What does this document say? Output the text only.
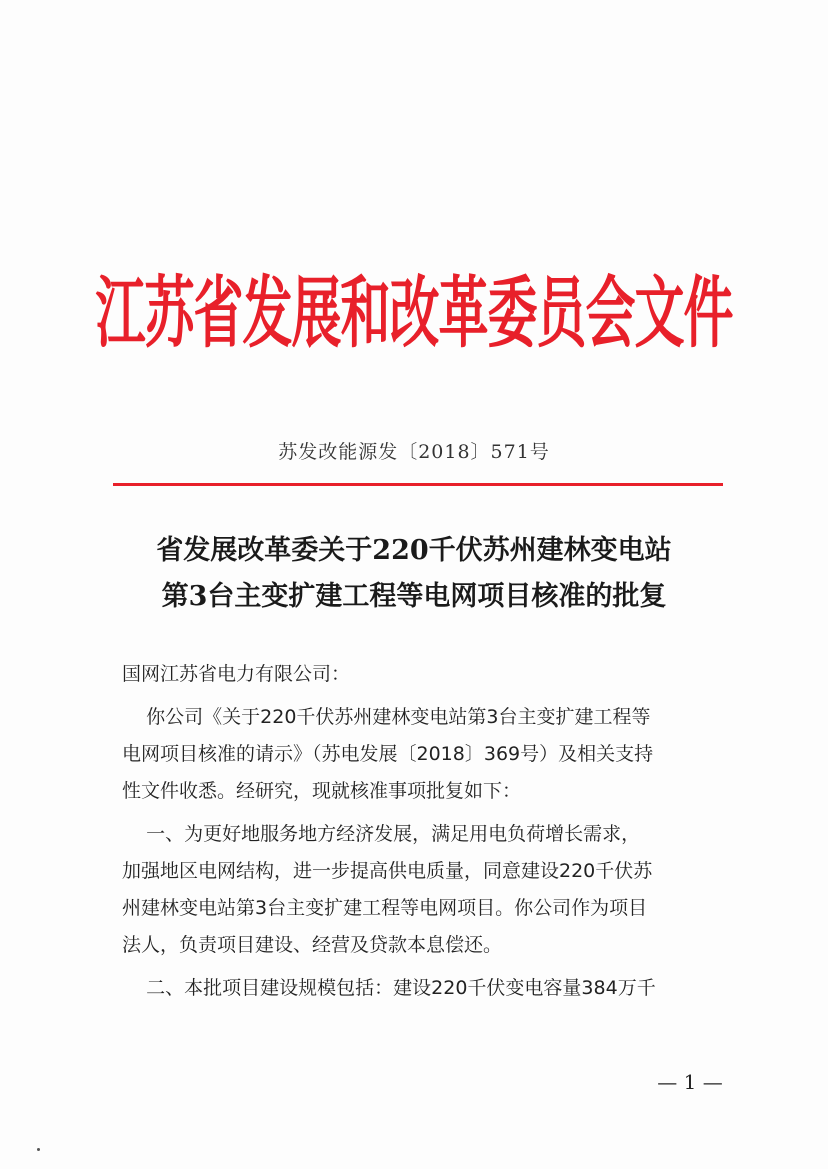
江苏省发展和改革委员会文件
苏发改能源发〔2018〕571号
省发展改革委关于220千伏苏州建林变电站
第3台主变扩建工程等电网项目核准的批复
国网江苏省电力有限公司：
你公司《关于220千伏苏州建林变电站第3台主变扩建工程等
电网项目核准的请示》（苏电发展〔2018〕369号）及相关支持
性文件收悉。经研究，现就核准事项批复如下：
一、为更好地服务地方经济发展，满足用电负荷增长需求，
加强地区电网结构，进一步提高供电质量，同意建设220千伏苏
州建林变电站第3台主变扩建工程等电网项目。你公司作为项目
法人，负责项目建设、经营及贷款本息偿还。
二、本批项目建设规模包括：建设220千伏变电容量384万千
— 1 —
